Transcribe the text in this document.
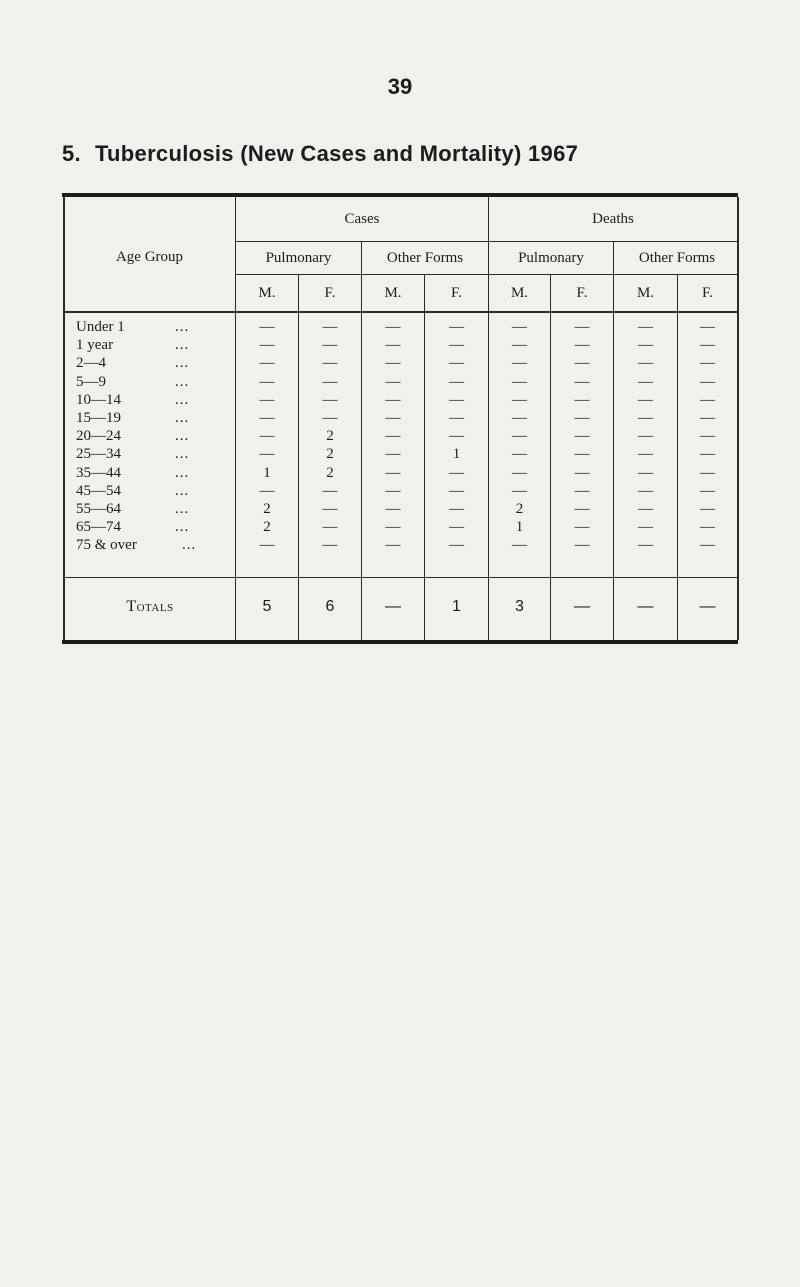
39
5. Tuberculosis (New Cases and Mortality) 1967
Age Group
Cases	Deaths
Pulmonary	Other Forms	Pulmonary	Other Forms
M.	F.	M.	F.	M.	F.	M.	F.
Under 1	...	—	—	—	—	—	—	—	—
1 year	...	—	—	—	—	—	—	—	—
2—4	...	—	—	—	—	—	—	—	—
5—9	...	—	—	—	—	—	—	—	—
10—14	...	—	—	—	—	—	—	—	—
15—19	...	—	—	—	—	—	—	—	—
20—24	...	—	2	—	—	—	—	—	—
25—34	...	—	2	—	1	—	—	—	—
35—44	...	1	2	—	—	—	—	—	—
45—54	...	—	—	—	—	—	—	—	—
55—64	...	2	—	—	—	2	—	—	—
65—74	...	2	—	—	—	1	—	—	—
75 & over	...	—	—	—	—	—	—	—	—
Totals	5	6	—	1	3	—	—	—
